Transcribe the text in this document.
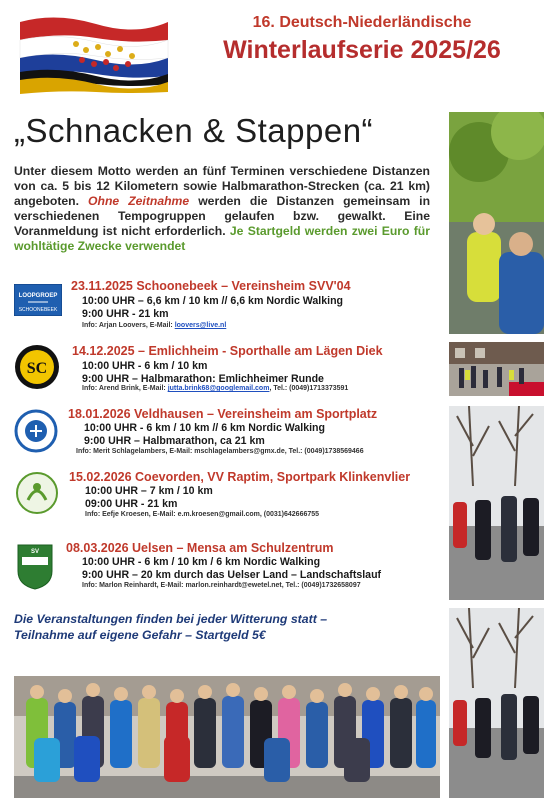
16. Deutsch-Niederländische
Winterlaufserie 2025/26
„Schnacken & Stappen“
Unter diesem Motto werden an fünf Terminen verschiedene Distanzen von ca. 5 bis 12 Kilometern sowie Halbmarathon-Strecken (ca. 21 km) angeboten. Ohne Zeitnahme werden die Distanzen gemeinsam in verschiedenen Tempogruppen gelaufen bzw. gewalkt. Eine Voranmeldung ist nicht erforderlich. Je Startgeld werden zwei Euro für wohltätige Zwecke verwendet
LOOPGROEP
SCHOONEBEEK
23.11.2025 Schoonebeek – Vereinsheim SVV'04
10:00 UHR – 6,6 km / 10 km // 6,6 km Nordic Walking
9:00 UHR - 21 km
Info: Arjan Loovers, E-Mail: loovers@live.nl
SC
14.12.2025 – Emlichheim - Sporthalle am Lägen Diek
10:00 UHR - 6 km / 10 km
9:00 UHR – Halbmarathon: Emlichheimer Runde
Info: Arend Brink, E-Mail: jutta.brink68@googlemail.com, Tel.: (0049)1713373591
18.01.2026 Veldhausen – Vereinsheim am Sportplatz
10:00 UHR - 6 km / 10 km // 6 km Nordic Walking
9:00 UHR – Halbmarathon, ca 21 km
Info: Merit Schlagelambers, E-Mail: mschlagelambers@gmx.de, Tel.: (0049)1738569466
15.02.2026 Coevorden, VV Raptim, Sportpark Klinkenvlier
10:00 UHR – 7 km / 10 km
09:00 UHR - 21 km
Info: Eefje Kroesen, E-Mail: e.m.kroesen@gmail.com, (0031)642666755
SV 08.03.2026 Uelsen – Mensa am Schulzentrum
10:00 UHR - 6 km / 10 km / 6 km Nordic Walking
9:00 UHR – 20 km durch das Uelser Land – Landschaftslauf
Info: Marlon Reinhardt, E-Mail: marlon.reinhardt@ewetel.net, Tel.: (0049)1732658097
Die Veranstaltungen finden bei jeder Witterung statt –
Teilnahme auf eigene Gefahr – Startgeld 5€
